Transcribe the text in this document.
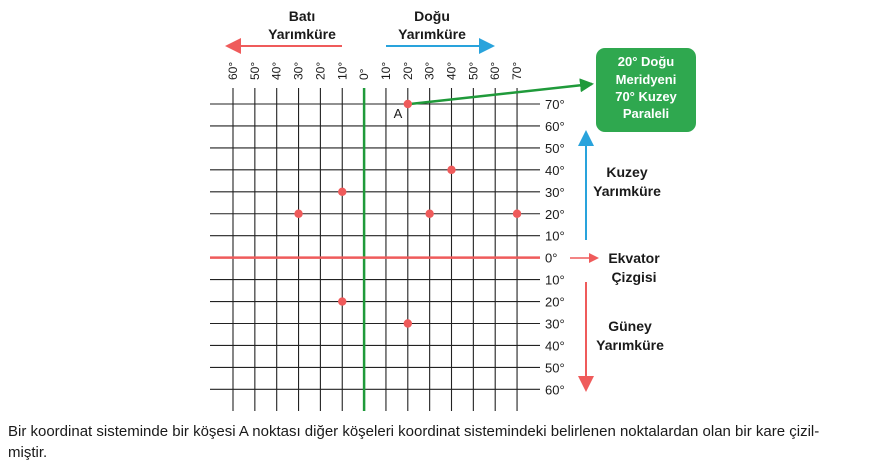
60° 50° 40° 30° 20° 10° 0° 10° 20° 30° 40° 50° 60° 70°
70°
60°
50°
40°
30°
20°
10°
0°
10°
20°
30°
40°
50°
60°
Batı
Yarımküre
Doğu
Yarımküre
20° Doğu
Meridyeni
70° Kuzey
Paraleli
Kuzey
Yarımküre
Ekvator
Çizgisi
Güney
Yarımküre
A
Bir koordinat sisteminde bir köşesi A noktası diğer köşeleri koordinat sistemindeki belirlenen noktalardan olan bir kare çizil-
miştir.
